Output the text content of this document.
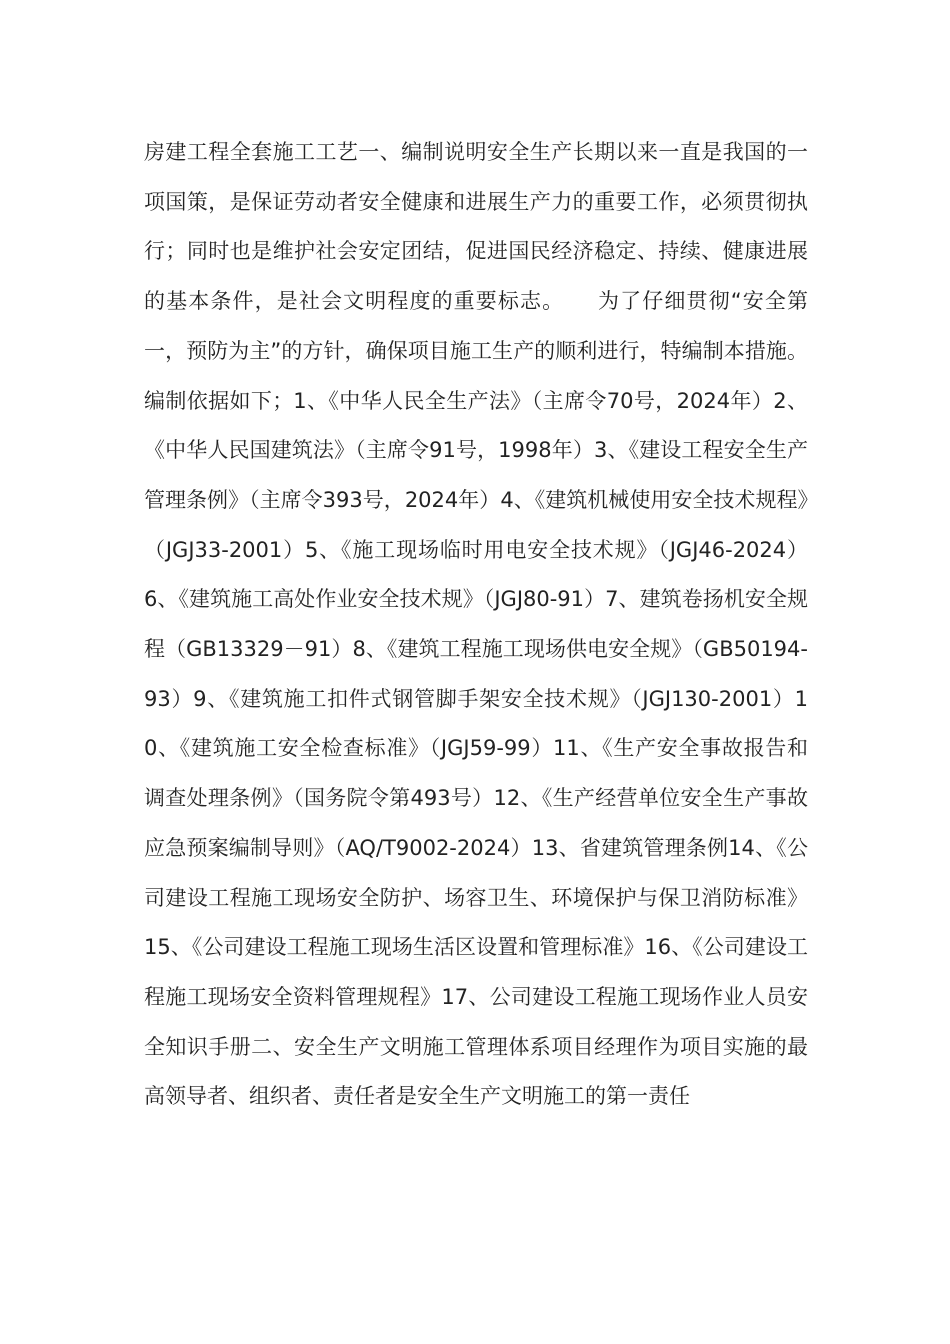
房建工程全套施工工艺一、编制说明安全生产长期以来一直是我国的一项国策，是保证劳动者安全健康和进展生产力的重要工作，必须贯彻执行；同时也是维护社会安定团结，促进国民经济稳定、持续、健康进展的基本条件，是社会文明程度的重要标志。　　为了仔细贯彻“安全第一，预防为主”的方针，确保项目施工生产的顺利进行，特编制本措施。编制依据如下；1、《中华人民全生产法》（主席令70号，2024年）2、《中华人民国建筑法》（主席令91号，1998年）3、《建设工程安全生产管理条例》（主席令393号，2024年）4、《建筑机械使用安全技术规程》（JGJ33-2001）5、《施工现场临时用电安全技术规》（JGJ46-2024）6、《建筑施工高处作业安全技术规》（JGJ80-91）7、建筑卷扬机安全规程（GB13329－91）8、《建筑工程施工现场供电安全规》（GB50194-93）9、《建筑施工扣件式钢管脚手架安全技术规》（JGJ130-2001）10、《建筑施工安全检查标准》（JGJ59-99）11、《生产安全事故报告和调查处理条例》（国务院令第493号）12、《生产经营单位安全生产事故应急预案编制导则》（AQ/T9002-2024）13、省建筑管理条例14、《公司建设工程施工现场安全防护、场容卫生、环境保护与保卫消防标准》15、《公司建设工程施工现场生活区设置和管理标准》16、《公司建设工程施工现场安全资料管理规程》17、公司建设工程施工现场作业人员安全知识手册二、安全生产文明施工管理体系项目经理作为项目实施的最高领导者、组织者、责任者是安全生产文明施工的第一责任
